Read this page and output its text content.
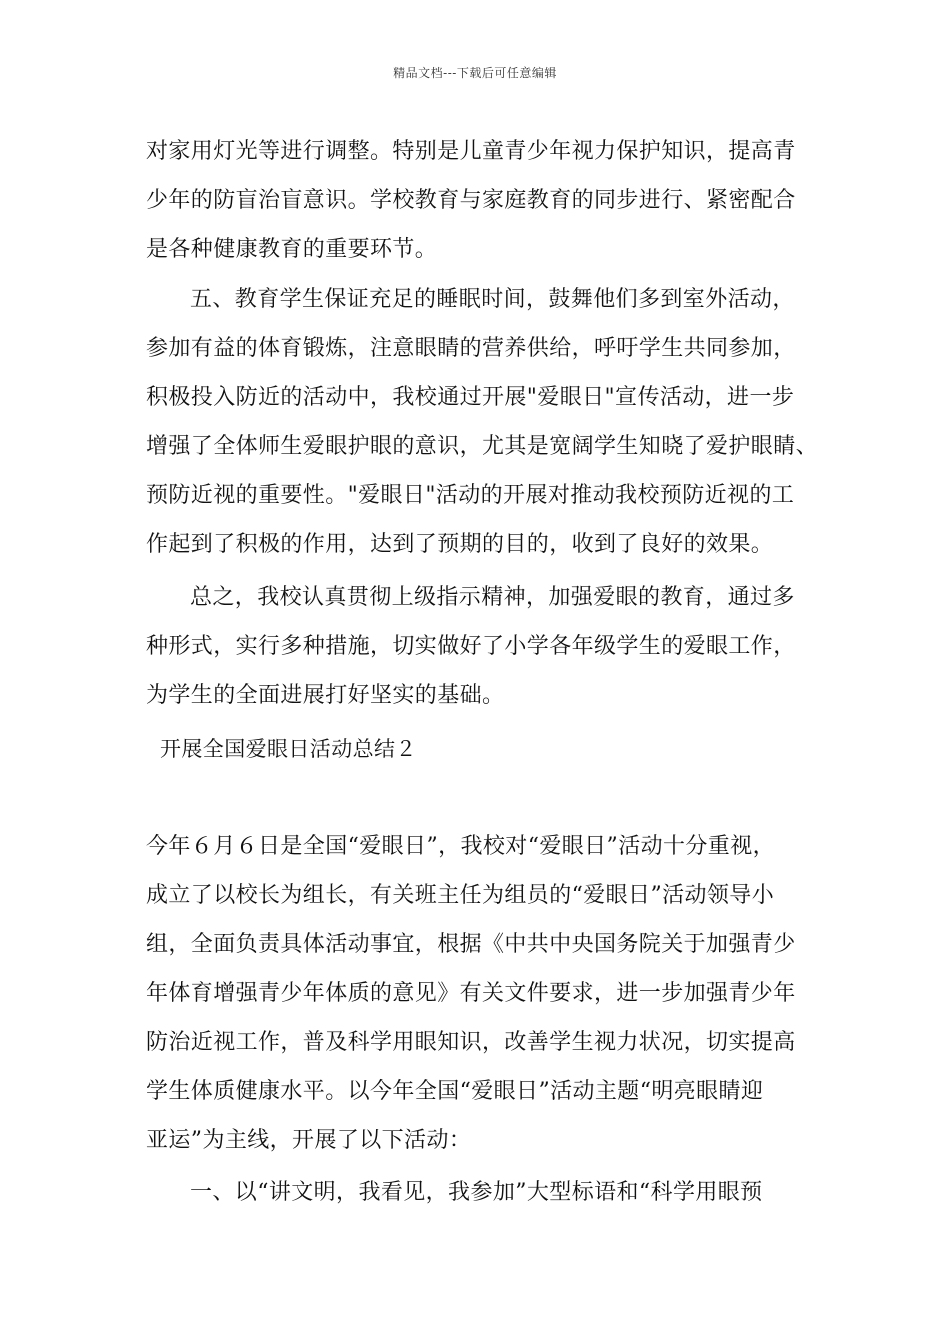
精品文档---下载后可任意编辑
对家用灯光等进行调整。特别是儿童青少年视力保护知识，提高青
少年的防盲治盲意识。学校教育与家庭教育的同步进行、紧密配合
是各种健康教育的重要环节。
五、教育学生保证充足的睡眠时间，鼓舞他们多到室外活动，
参加有益的体育锻炼，注意眼睛的营养供给，呼吁学生共同参加，
积极投入防近的活动中，我校通过开展"爱眼日"宣传活动，进一步
增强了全体师生爱眼护眼的意识，尤其是宽阔学生知晓了爱护眼睛、
预防近视的重要性。"爱眼日"活动的开展对推动我校预防近视的工
作起到了积极的作用，达到了预期的目的，收到了良好的效果。
总之，我校认真贯彻上级指示精神，加强爱眼的教育，通过多
种形式，实行多种措施，切实做好了小学各年级学生的爱眼工作，
为学生的全面进展打好坚实的基础。
开展全国爱眼日活动总结２
今年６月６日是全国“爱眼日”，我校对“爱眼日”活动十分重视，
成立了以校长为组长，有关班主任为组员的“爱眼日”活动领导小
组，全面负责具体活动事宜，根据《中共中央国务院关于加强青少
年体育增强青少年体质的意见》有关文件要求，进一步加强青少年
防治近视工作，普及科学用眼知识，改善学生视力状况，切实提高
学生体质健康水平。以今年全国“爱眼日”活动主题“明亮眼睛迎
亚运”为主线，开展了以下活动：
一、以“讲文明，我看见，我参加”大型标语和“科学用眼预
